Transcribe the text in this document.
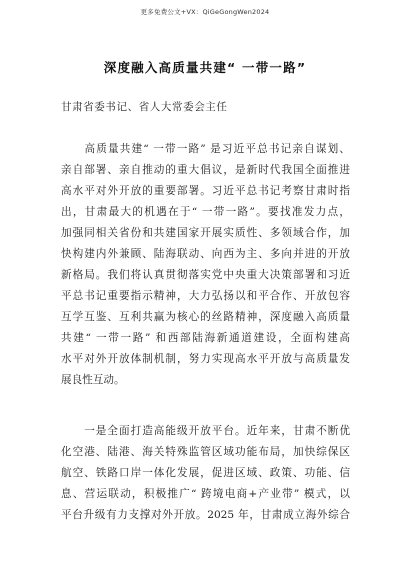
更多免费公文+VX：QiGeGongWen2024
深度融入高质量共建“ 一带一路”
甘肃省委书记、省人大常委会主任
　　高质量共建“ 一带一路” 是习近平总书记亲自谋划、
亲自部署、亲自推动的重大倡议，是新时代我国全面推进
高水平对外开放的重要部署。习近平总书记考察甘肃时指
出，甘肃最大的机遇在于“ 一带一路”。要找准发力点，
加强同相关省份和共建国家开展实质性、多领域合作，加
快构建内外兼顾、陆海联动、向西为主、多向并进的开放
新格局。我们将认真贯彻落实党中央重大决策部署和习近
平总书记重要指示精神，大力弘扬以和平合作、开放包容
互学互鉴、互利共赢为核心的丝路精神，深度融入高质量
共建“ 一带一路” 和西部陆海新通道建设，全面构建高
水平对外开放体制机制，努力实现高水平开放与高质量发
展良性互动。
　　一是全面打造高能级开放平台。近年来，甘肃不断优
化空港、陆港、海关特殊监管区域功能布局，加快综保区
航空、铁路口岸一体化发展，促进区域、政策、功能、信
息、营运联动，积极推广“ 跨境电商+产业带” 模式，以
平台升级有力支撑对外开放。2025 年，甘肃成立海外综合
